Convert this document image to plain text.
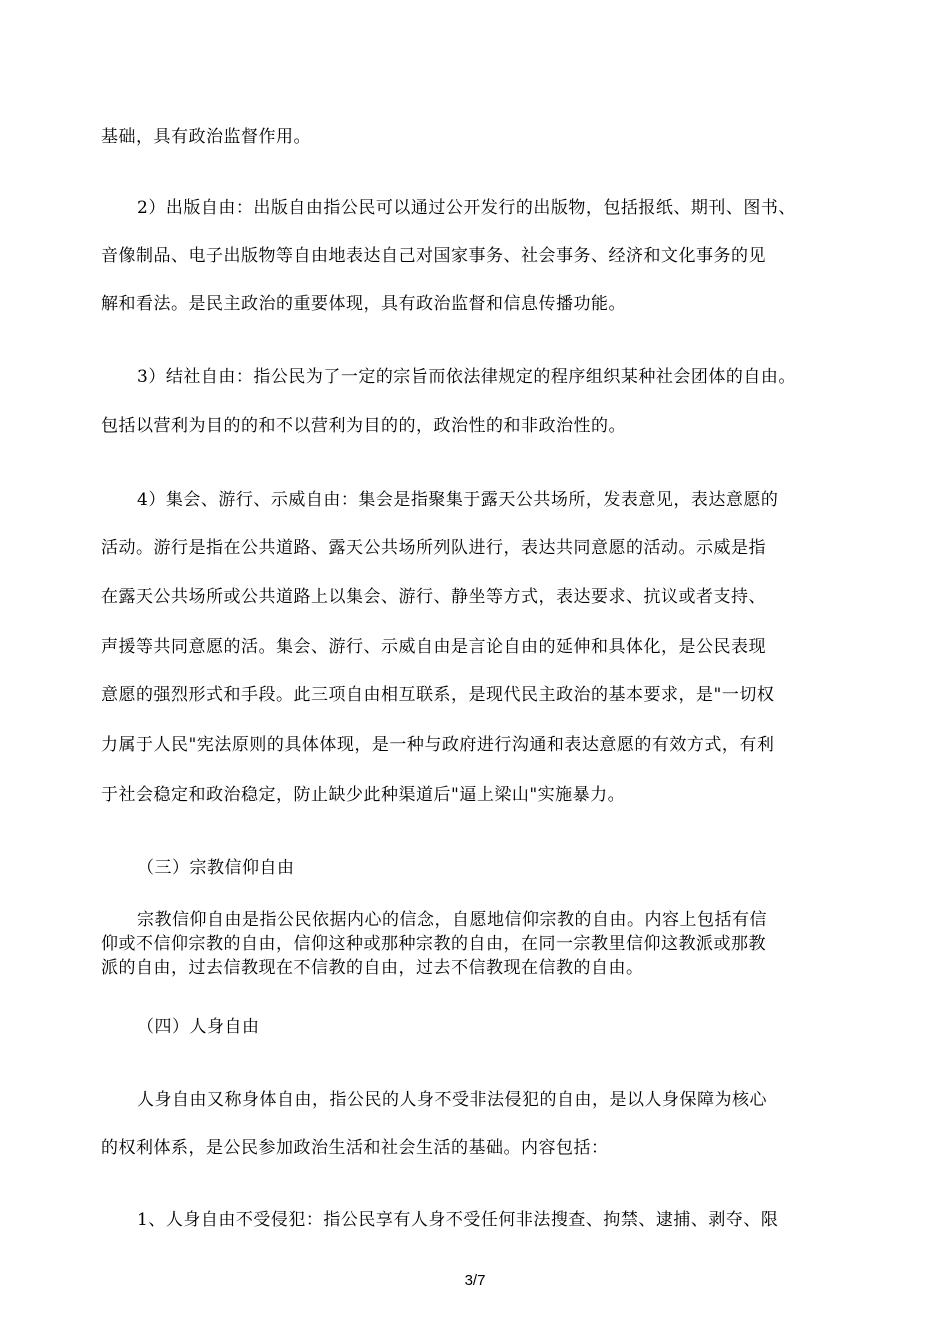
基础，具有政治监督作用。
2）出版自由：出版自由指公民可以通过公开发行的出版物，包括报纸、期刊、图书、
音像制品、电子出版物等自由地表达自己对国家事务、社会事务、经济和文化事务的见
解和看法。是民主政治的重要体现，具有政治监督和信息传播功能。
3）结社自由：指公民为了一定的宗旨而依法律规定的程序组织某种社会团体的自由。
包括以营利为目的的和不以营利为目的的，政治性的和非政治性的。
4）集会、游行、示威自由：集会是指聚集于露天公共场所，发表意见，表达意愿的
活动。游行是指在公共道路、露天公共场所列队进行，表达共同意愿的活动。示威是指
在露天公共场所或公共道路上以集会、游行、静坐等方式，表达要求、抗议或者支持、
声援等共同意愿的活。集会、游行、示威自由是言论自由的延伸和具体化，是公民表现
意愿的强烈形式和手段。此三项自由相互联系，是现代民主政治的基本要求，是"一切权
力属于人民"宪法原则的具体体现，是一种与政府进行沟通和表达意愿的有效方式，有利
于社会稳定和政治稳定，防止缺少此种渠道后"逼上梁山"实施暴力。
（三）宗教信仰自由
宗教信仰自由是指公民依据内心的信念，自愿地信仰宗教的自由。内容上包括有信
仰或不信仰宗教的自由，信仰这种或那种宗教的自由，在同一宗教里信仰这教派或那教
派的自由，过去信教现在不信教的自由，过去不信教现在信教的自由。
（四）人身自由
人身自由又称身体自由，指公民的人身不受非法侵犯的自由，是以人身保障为核心
的权利体系，是公民参加政治生活和社会生活的基础。内容包括：
1、人身自由不受侵犯：指公民享有人身不受任何非法搜查、拘禁、逮捕、剥夺、限
3/7
